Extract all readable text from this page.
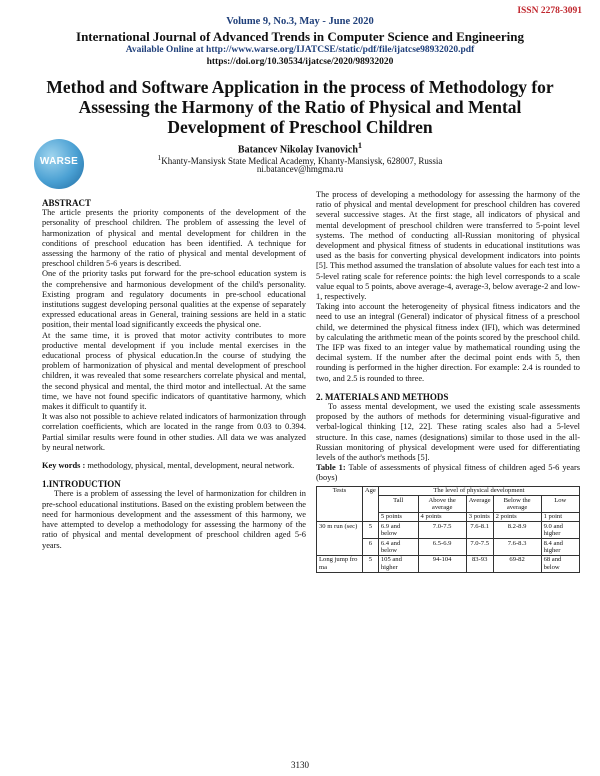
ISSN 2278-3091
Volume 9, No.3, May - June 2020
International Journal of Advanced Trends in Computer Science and Engineering
Available Online at http://www.warse.org/IJATCSE/static/pdf/file/ijatcse98932020.pdf
https://doi.org/10.30534/ijatcse/2020/98932020
Method and Software Application in the process of Methodology for Assessing the Harmony of the Ratio of Physical and Mental Development of Preschool Children
WARSE
Batancev Nikolay Ivanovich$^1$
$^1$Khanty-Mansiysk State Medical Academy, Khanty-Mansiysk, 628007, Russia
ni.batancev@hmgma.ru

ABSTRACT

The article presents the priority components of the development of the personality of preschool children. The problem of assessing the level of harmonization of physical and mental development for children in the conditions of preschool education has been identified. A technique for assessing the harmony of the ratio of physical and mental development of preschool children 5-6 years is described.

One of the priority tasks put forward for the pre-school education system is the comprehensive and harmonious development of the child's personality. Existing program and regulatory documents in pre-school educational institutions suggest developing personal qualities at the expense of separately expressed educational areas in General, training sessions are held in a static position, their mental load significantly exceeds the physical one.

At the same time, it is proved that motor activity contributes to more productive mental development if you include mental exercises in the educational process of physical education.In the course of studying the problem of harmonization of physical and mental development of preschool children, it was revealed that some researchers correlate physical and mental, the second physical and mental, the third motor and intellectual. At the same time, we have not found specific indicators of quantitative harmony, which makes it difficult to quantify it.

It was also not possible to achieve related indicators of harmonization through correlation coefficients, which are located in the range from 0.03 to 0.394. Partial similar results were found in other studies. All data we was analyzed by neural network.

Key words : methodology, physical, mental, development, neural network.

1.INTRODUCTION

There is a problem of assessing the level of harmonization for children in pre-school educational institutions. Based on the existing problem between the need for harmonious development and the assessment of this harmony, we have attempted to develop a methodology for assessing the harmony of the ratio of physical and mental development of preschool children aged 5-6 years.

The process of developing a methodology for assessing the harmony of the ratio of physical and mental development for preschool children has covered several successive stages. At the first stage, all indicators of physical and mental development of preschool children were transferred to 5-point level systems. The method of conducting all-Russian monitoring of physical development and physical fitness of students in educational institutions was used as the basis for converting physical development indicators into points [5]. This method assumed the translation of absolute values for each test into a 5-level rating scale for reference points: the high level corresponds to a scale value equal to 5 points, above average-4, average-3, below average-2 and low-1, respectively.

Taking into account the heterogeneity of physical fitness indicators and the need to use an integral (General) indicator of physical fitness of a preschool child, we determined the physical fitness index (IFI), which was determined by calculating the arithmetic mean of the points scored by the preschool child. The IFP was fixed to an integer value by mathematical rounding using the decimal system. If the number after the decimal point ends with 5, then rounding is performed in the higher direction. For example: 2.4 is rounded to two, and 2.5 is rounded to three.

2. MATERIALS AND METHODS

To assess mental development, we used the existing scale assessments proposed by the authors of methods for determining visual-figurative and verbal-logical thinking [12, 22]. These rating scales also had a 5-level structure. In this case, names (designations) similar to those used in the all-Russian monitoring of physical development were used for differentiating levels of the author's methods [5].

Table 1: Table of assessments of physical fitness of children aged 5-6 years (boys)

Tests	Age	The level of physical development				
		Tall	Above the average	Average	Below the average	Low
		5 points	4 points	3 points	2 points	1 point
30 m run (sec)	5	6.9 and below	7.0-7.5	7.6-8.1	8.2-8.9	9.0 and higher
	6	6.4 and below	6.5-6.9	7.0-7.5	7.6-8.3	8.4 and higher
Long jump fro ma	5	105 and higher	94-104	83-93	69-82	68 and below
3130
